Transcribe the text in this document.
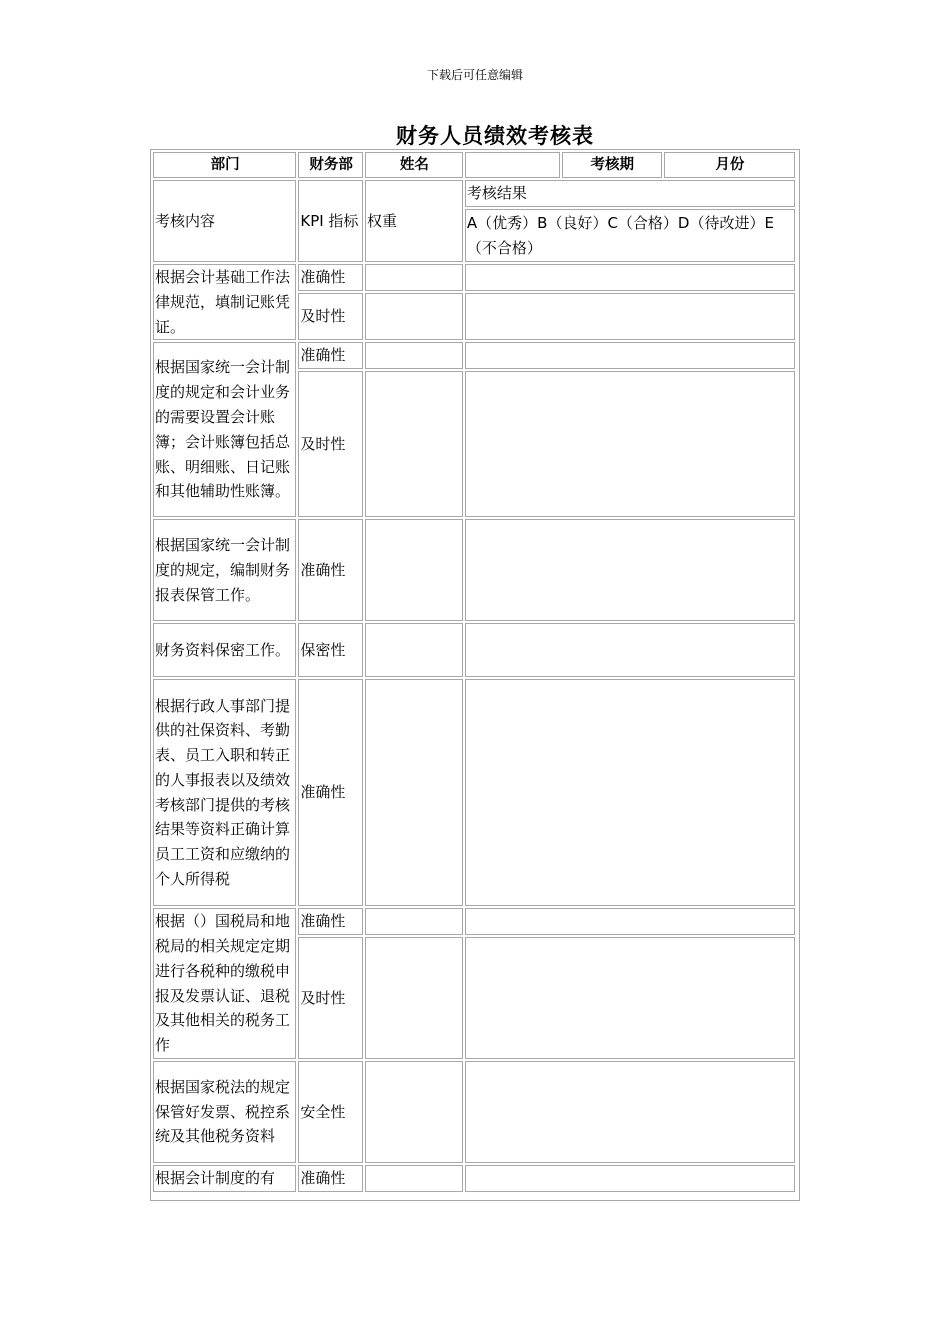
下载后可任意编辑
财务人员绩效考核表
部门	财务部	姓名		考核期	月份
考核内容	KPI 指标	权重	考核结果		
			A（优秀）B（良好）C（合格）D（待改进）E（不合格）		
根据会计基础工作法律规范，填制记账凭证。	准确性				
	及时性				
根据国家统一会计制度的规定和会计业务的需要设置会计账簿；会计账簿包括总账、明细账、日记账和其他辅助性账簿。	准确性				
	及时性				
根据国家统一会计制度的规定，编制财务报表保管工作。	准确性				
财务资料保密工作。	保密性				
根据行政人事部门提供的社保资料、考勤表、员工入职和转正的人事报表以及绩效考核部门提供的考核结果等资料正确计算员工工资和应缴纳的个人所得税	准确性				
根据（）国税局和地税局的相关规定定期进行各税种的缴税申报及发票认证、退税及其他相关的税务工作	准确性				
	及时性				
根据国家税法的规定保管好发票、税控系统及其他税务资料	安全性				
根据会计制度的有	准确性				
